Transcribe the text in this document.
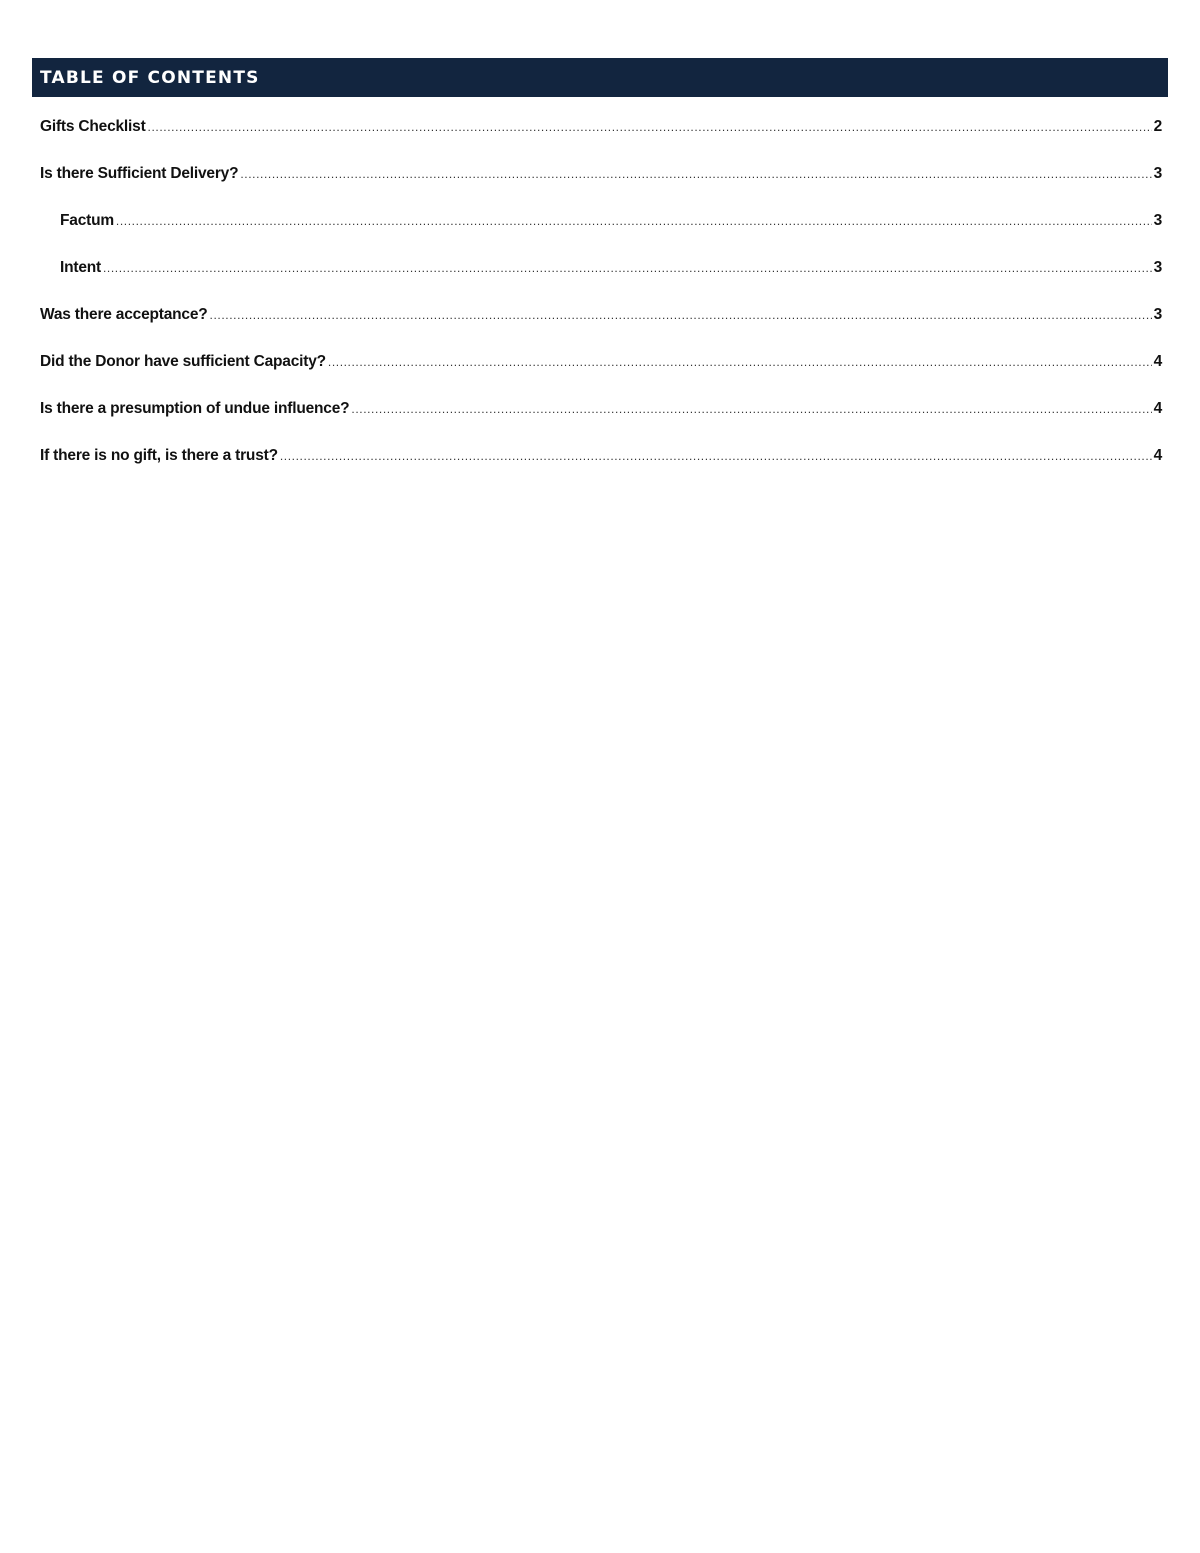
TABLE OF CONTENTS
Gifts Checklist .....	2
Is there Sufficient Delivery? .....	3
Factum .....	3
Intent .....	3
Was there acceptance? .....	3
Did the Donor have sufficient Capacity? .....	4
Is there a presumption of undue influence? .....	4
If there is no gift, is there a trust? .....	4
